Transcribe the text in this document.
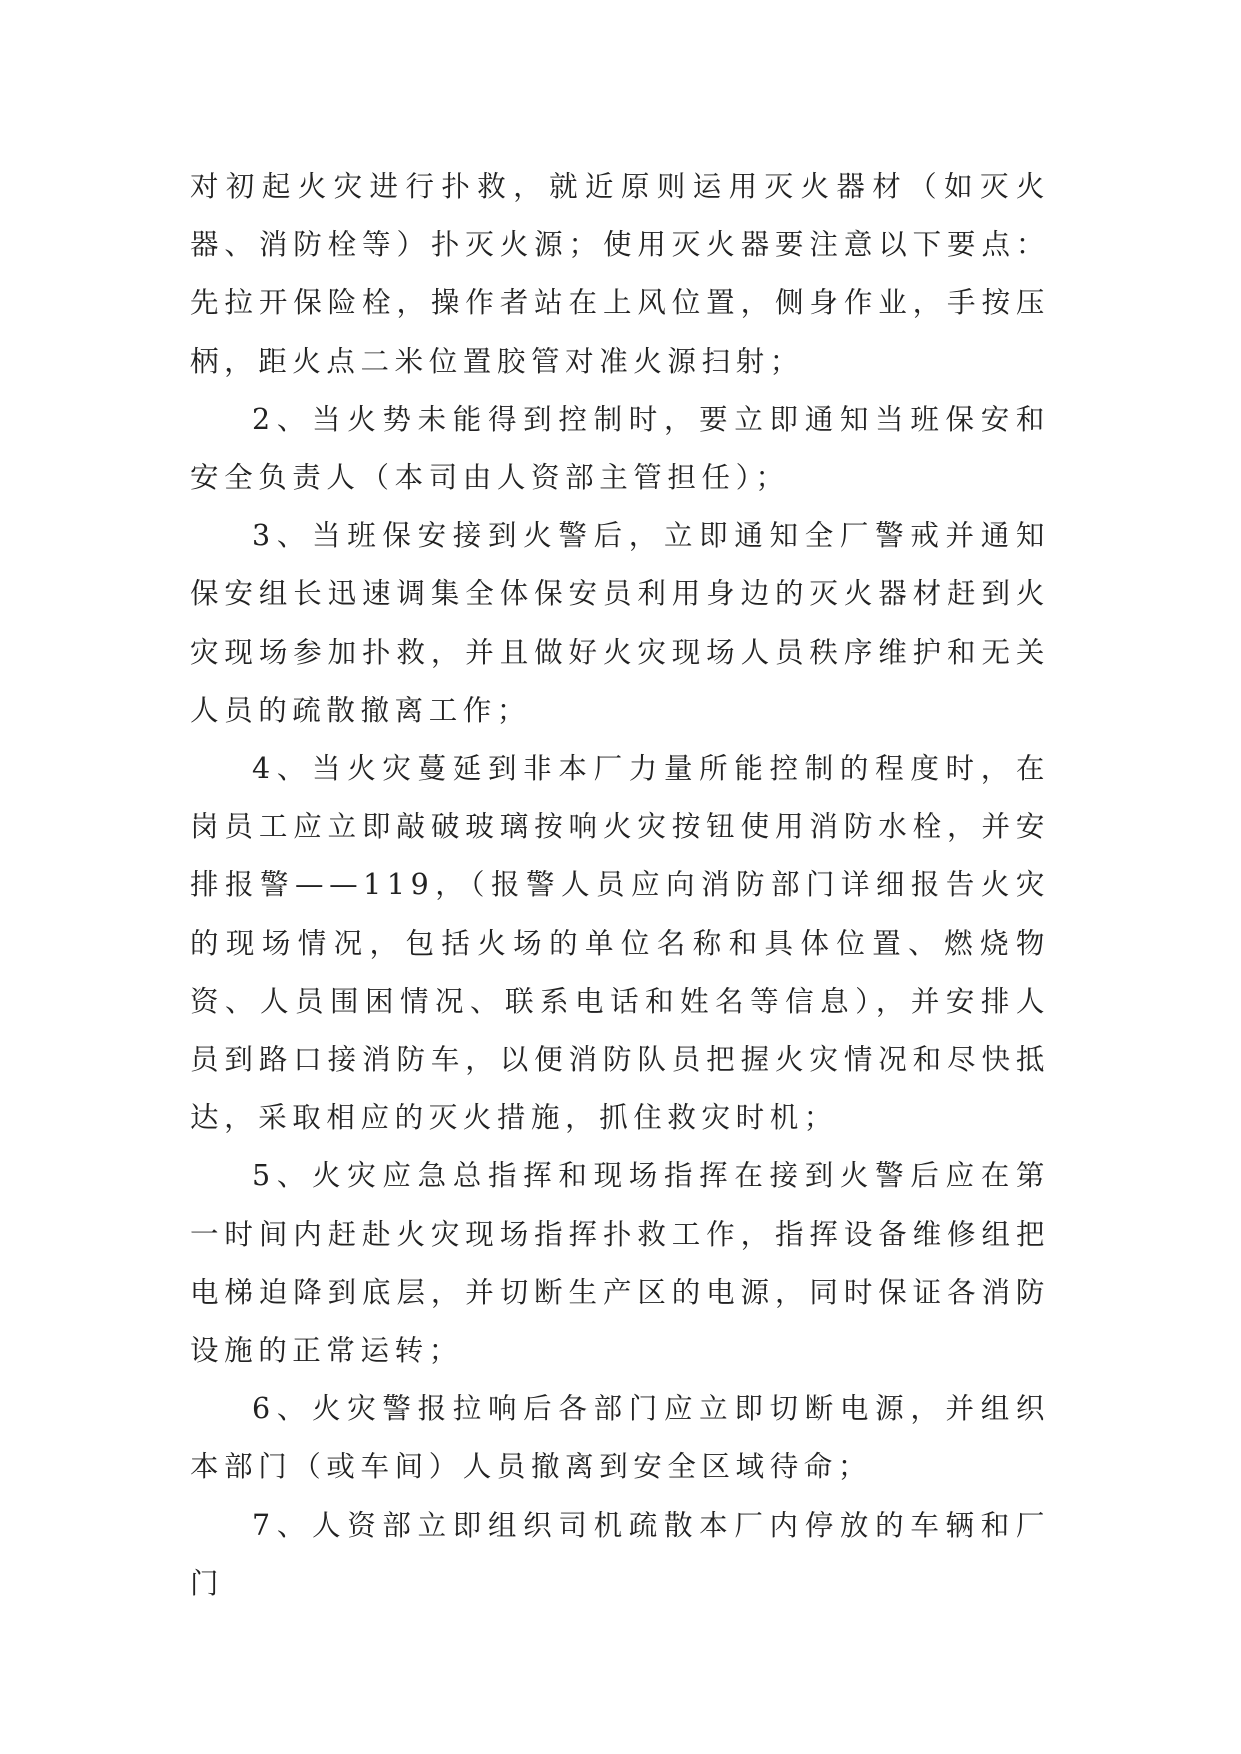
对初起火灾进行扑救，就近原则运用灭火器材（如灭火器、消防栓等）扑灭火源；使用灭火器要注意以下要点：先拉开保险栓，操作者站在上风位置，侧身作业，手按压柄，距火点二米位置胶管对准火源扫射；

2、当火势未能得到控制时，要立即通知当班保安和安全负责人（本司由人资部主管担任）；

3、当班保安接到火警后，立即通知全厂警戒并通知保安组长迅速调集全体保安员利用身边的灭火器材赶到火灾现场参加扑救，并且做好火灾现场人员秩序维护和无关人员的疏散撤离工作；

4、当火灾蔓延到非本厂力量所能控制的程度时，在岗员工应立即敲破玻璃按响火灾按钮使用消防水栓，并安排报警——119，（报警人员应向消防部门详细报告火灾的现场情况，包括火场的单位名称和具体位置、燃烧物资、人员围困情况、联系电话和姓名等信息），并安排人员到路口接消防车，以便消防队员把握火灾情况和尽快抵达，采取相应的灭火措施，抓住救灾时机；

5、火灾应急总指挥和现场指挥在接到火警后应在第一时间内赶赴火灾现场指挥扑救工作，指挥设备维修组把电梯迫降到底层，并切断生产区的电源，同时保证各消防设施的正常运转；

6、火灾警报拉响后各部门应立即切断电源，并组织本部门（或车间）人员撤离到安全区域待命；

7、人资部立即组织司机疏散本厂内停放的车辆和厂门
